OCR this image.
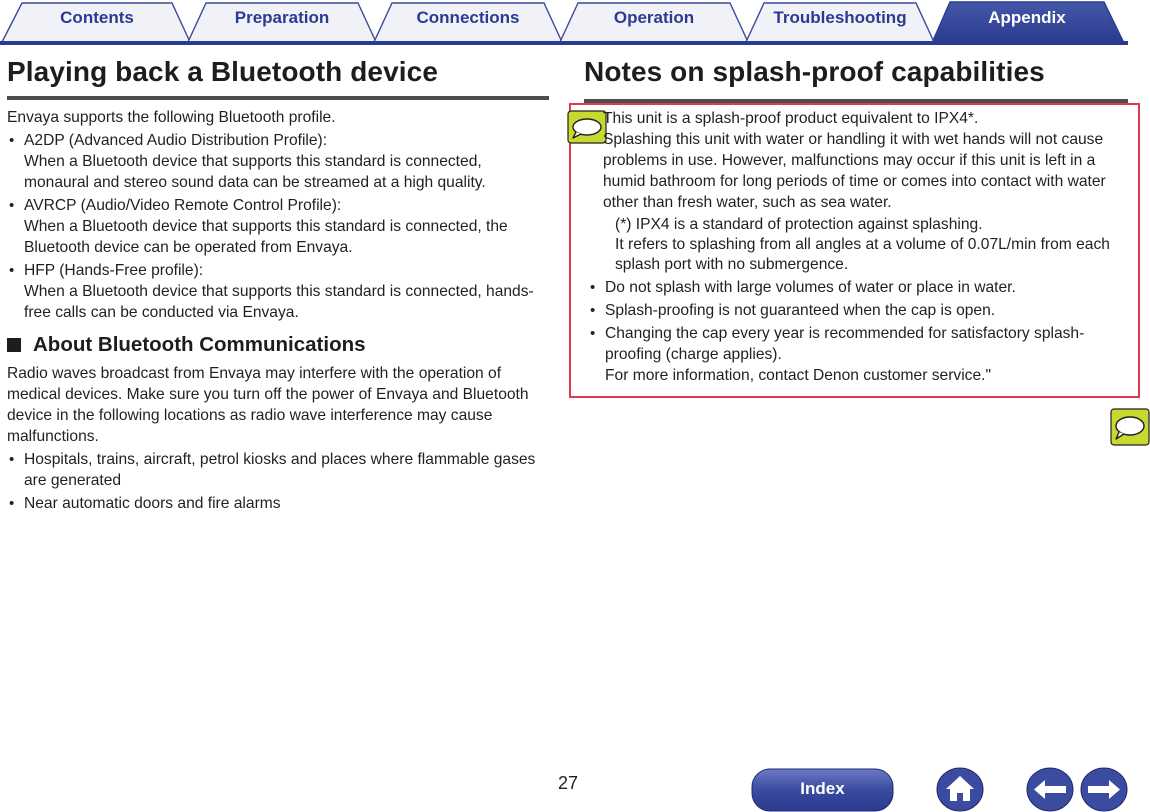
Contents	Preparation	Connections	Operation	Troubleshooting	Appendix
Playing back a Bluetooth device

Envaya supports the following Bluetooth profile.

• A2DP (Advanced Audio Distribution Profile):
When a Bluetooth device that supports this standard is connected, monaural and stereo sound data can be streamed at a high quality.
• AVRCP (Audio/Video Remote Control Profile):
When a Bluetooth device that supports this standard is connected, the Bluetooth device can be operated from Envaya.
• HFP (Hands-Free profile):
When a Bluetooth device that supports this standard is connected, hands-free calls can be conducted via Envaya.
About Bluetooth Communications

Radio waves broadcast from Envaya may interfere with the operation of medical devices. Make sure you turn off the power of Envaya and Bluetooth device in the following locations as radio wave interference may cause malfunctions.

• Hospitals, trains, aircraft, petrol kiosks and places where flammable gases are generated
• Near automatic doors and fire alarms
Notes on splash-proof capabilities

This unit is a splash-proof product equivalent to IPX4*.

Splashing this unit with water or handling it with wet hands will not cause problems in use. However, malfunctions may occur if this unit is left in a humid bathroom for long periods of time or comes into contact with water other than fresh water, such as sea water.

(*) IPX4 is a standard of protection against splashing.

It refers to splashing from all angles at a volume of 0.07L/min from each splash port with no submergence.

• Do not splash with large volumes of water or place in water.
• Splash-proofing is not guaranteed when the cap is open.
• Changing the cap every year is recommended for satisfactory splash-proofing (charge applies).
For more information, contact Denon customer service."
27	Index
